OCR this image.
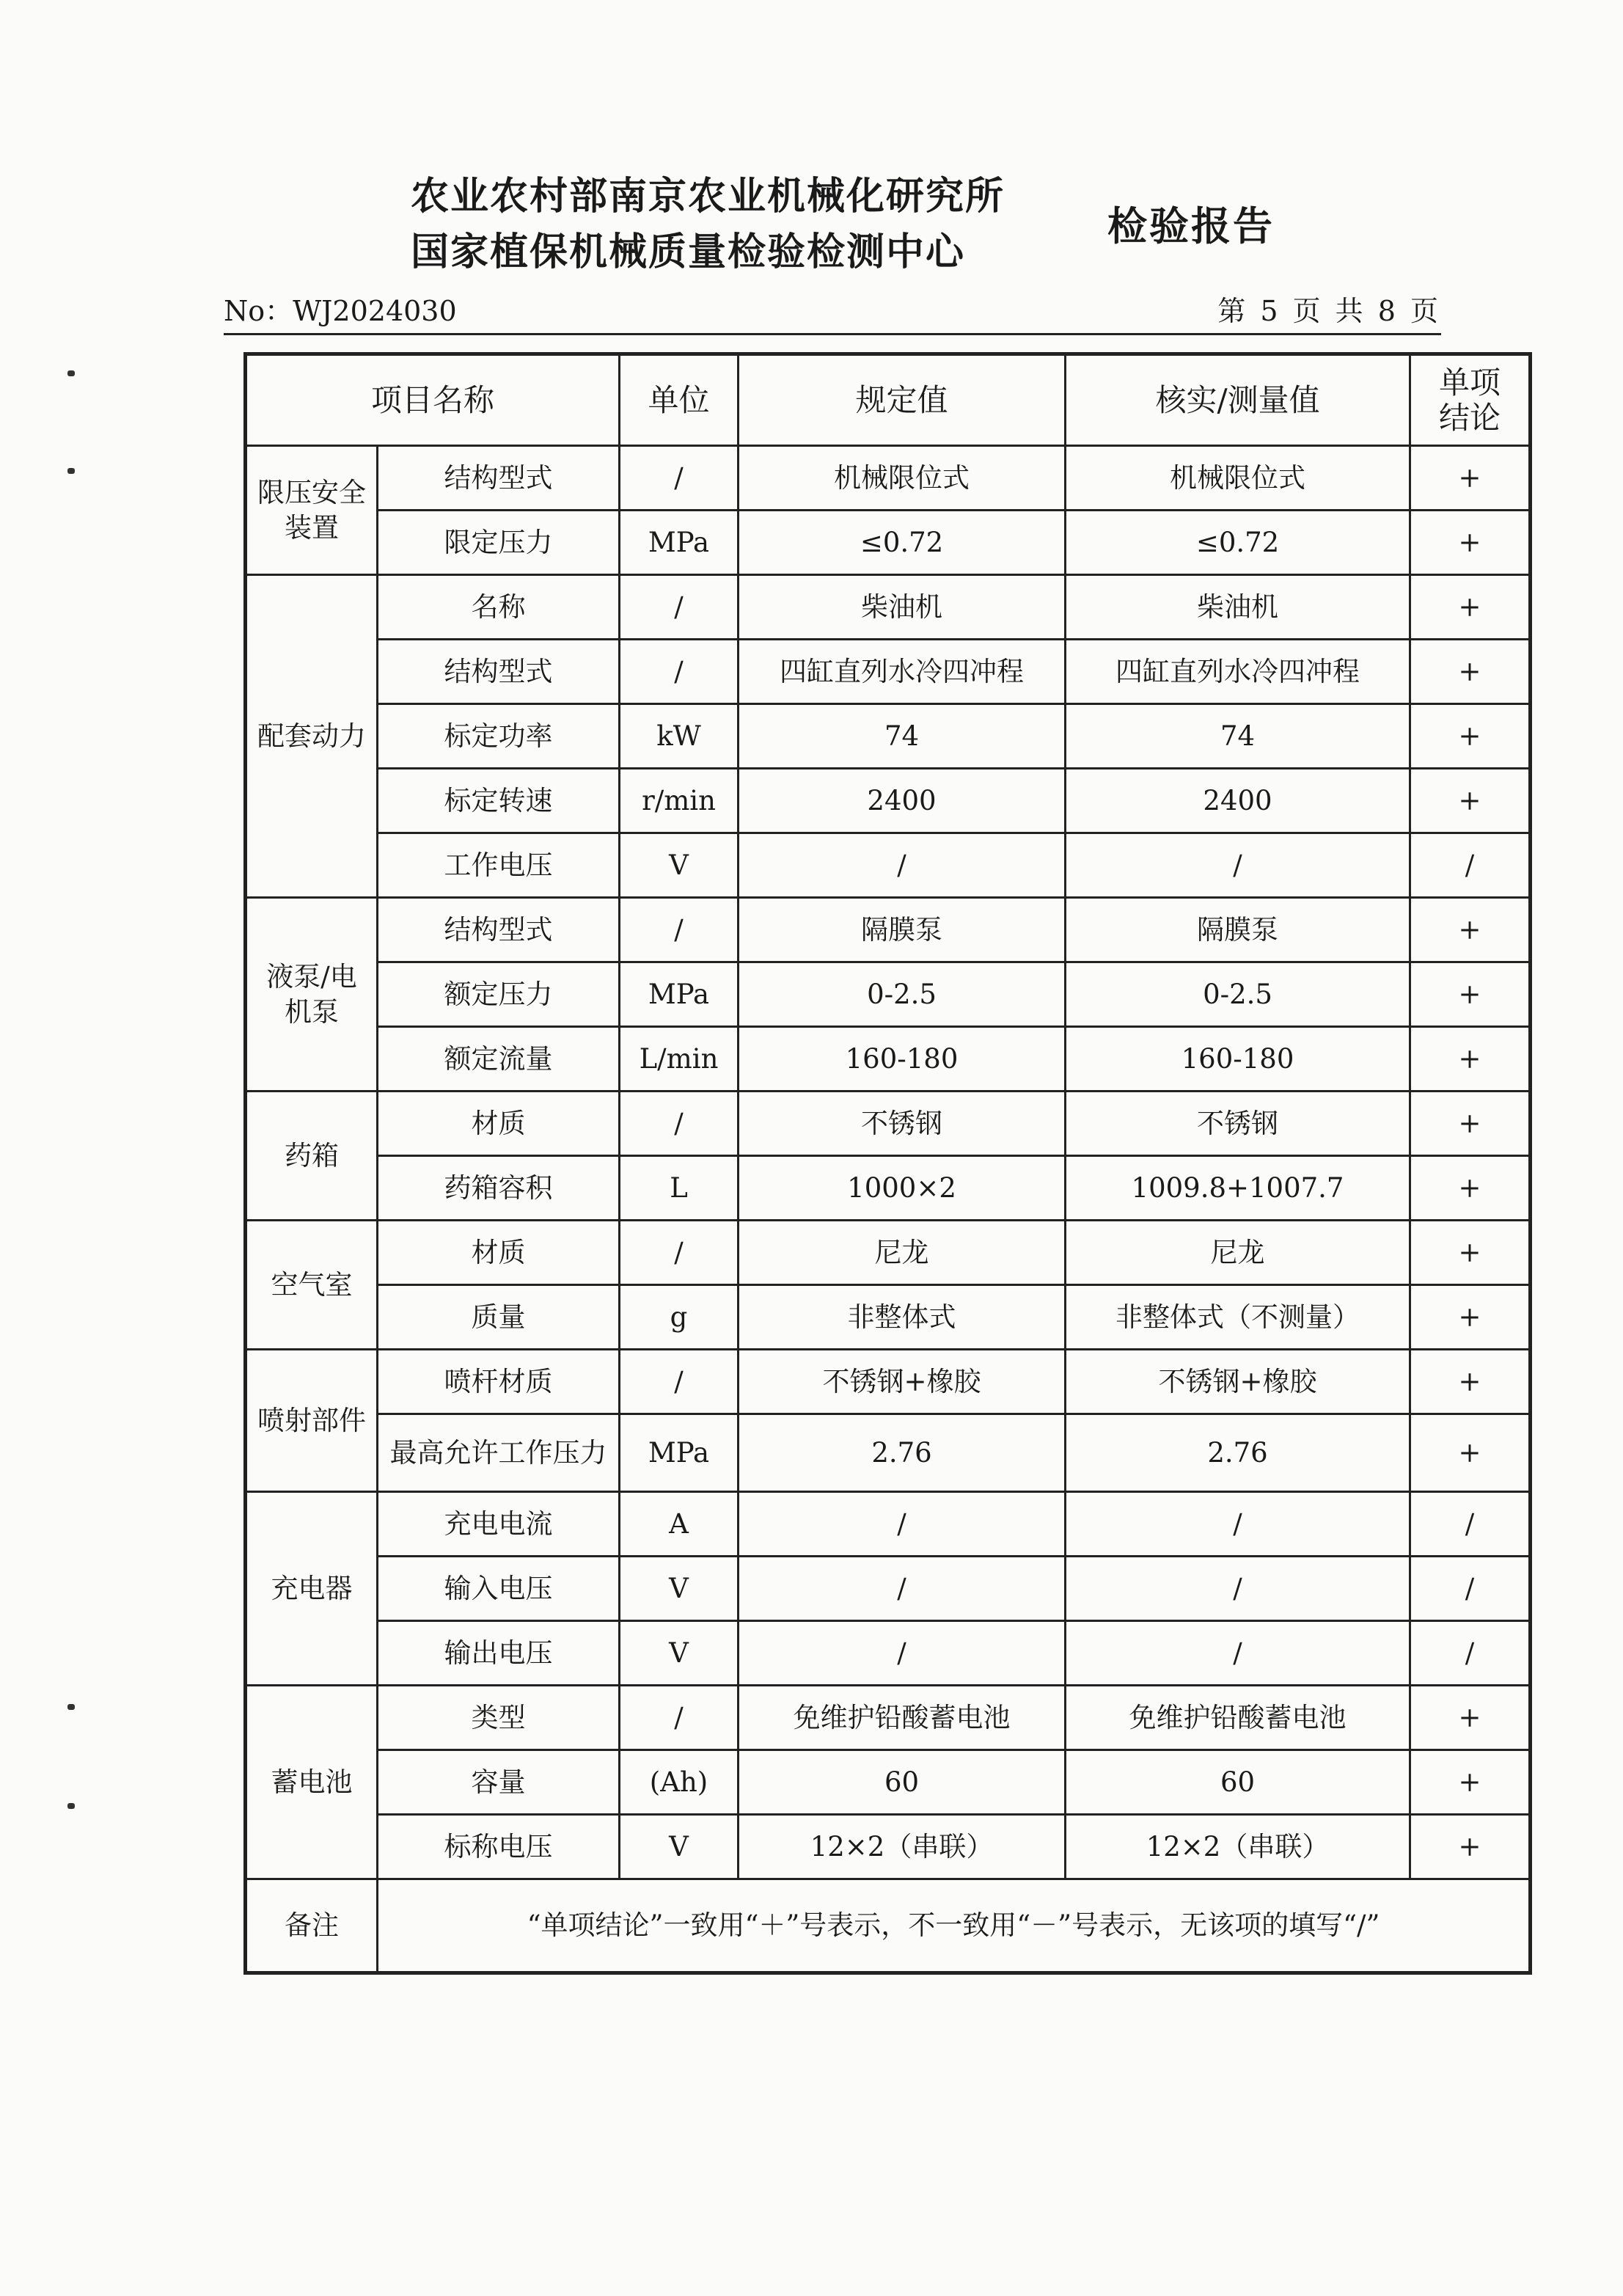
农业农村部南京农业机械化研究所
国家植保机械质量检验检测中心
检验报告
No：WJ2024030	第 5 页 共 8 页
项目名称		单位	规定值	核实/测量值	单项结论
限压安全装置	结构型式	/	机械限位式	机械限位式	+
	限定压力	MPa	≤0.72	≤0.72	+
配套动力	名称	/	柴油机	柴油机	+
	结构型式	/	四缸直列水冷四冲程	四缸直列水冷四冲程	+
	标定功率	kW	74	74	+
	标定转速	r/min	2400	2400	+
	工作电压	V	/	/	/
液泵/电机泵	结构型式	/	隔膜泵	隔膜泵	+
	额定压力	MPa	0-2.5	0-2.5	+
	额定流量	L/min	160-180	160-180	+
药箱	材质	/	不锈钢	不锈钢	+
	药箱容积	L	1000×2	1009.8+1007.7	+
空气室	材质	/	尼龙	尼龙	+
	质量	g	非整体式	非整体式（不测量）	+
喷射部件	喷杆材质	/	不锈钢+橡胶	不锈钢+橡胶	+
	最高允许工作压力	MPa	2.76	2.76	+
充电器	充电电流	A	/	/	/
	输入电压	V	/	/	/
	输出电压	V	/	/	/
蓄电池	类型	/	免维护铅酸蓄电池	免维护铅酸蓄电池	+
	容量	(Ah)	60	60	+
	标称电压	V	12×2（串联）	12×2（串联）	+
备注	“单项结论”一致用“＋”号表示，不一致用“－”号表示，无该项的填写“/”				
